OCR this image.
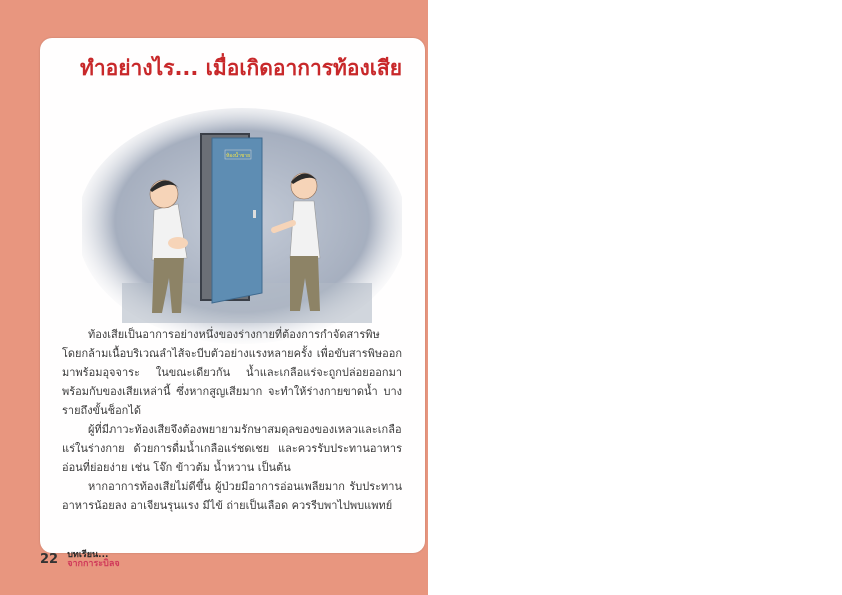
ทำอย่างไร... เมื่อเกิดอาการท้องเสีย
ห้องน้ำชาย

ท้องเสียเป็นอาการอย่างหนึ่งของร่างกายที่ต้องการกำจัดสารพิษ โดยกล้ามเนื้อบริเวณลำไส้จะบีบตัวอย่างแรงหลายครั้ง เพื่อขับสารพิษออกมาพร้อมอุจจาระ ในขณะเดียวกัน น้ำและเกลือแร่จะถูกปล่อยออกมาพร้อมกับของเสียเหล่านี้ ซึ่งหากสูญเสียมาก จะทำให้ร่างกายขาดน้ำ บางรายถึงขั้นช็อกได้

ผู้ที่มีภาวะท้องเสียจึงต้องพยายามรักษาสมดุลของของเหลวและเกลือแร่ในร่างกาย ด้วยการดื่มน้ำเกลือแร่ชดเชย และควรรับประทานอาหารอ่อนที่ย่อยง่าย เช่น โจ๊ก ข้าวต้ม น้ำหวาน เป็นต้น

หากอาการท้องเสียไม่ดีขึ้น ผู้ป่วยมีอาการอ่อนเพลียมาก รับประทานอาหารน้อยลง อาเจียนรุนแรง มีไข้ ถ่ายเป็นเลือด ควรรีบพาไปพบแพทย์

22 บทเรียน...
จากการะบิลจ
